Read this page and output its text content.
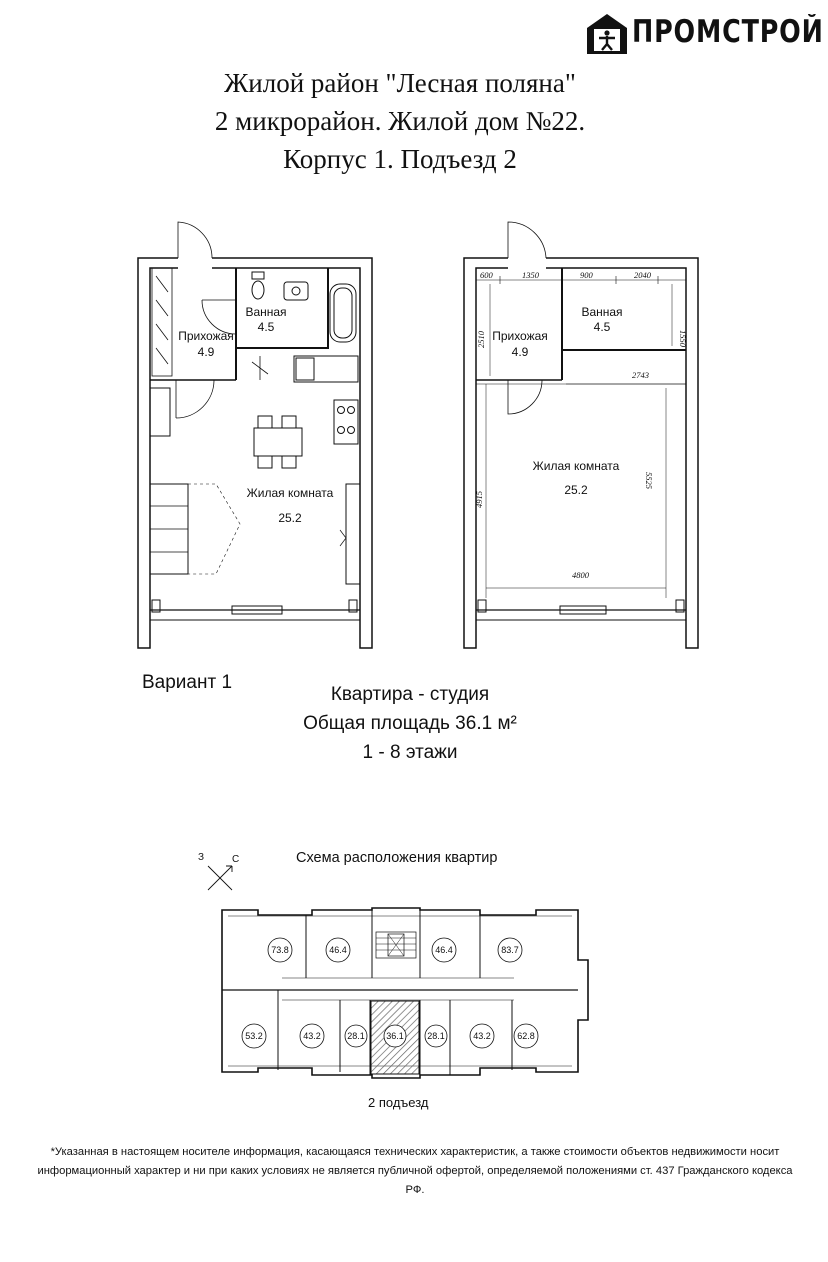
ПРОМСТРОЙ
Жилой район "Лесная поляна"
2 микрорайон. Жилой дом №22.
Корпус 1. Подъезд 2
Прихожая
4.9
Ванная
4.5
Жилая комната
25.2
Прихожая
4.9
Ванная
4.5
Жилая комната
25.2
600	1350	900	2040
2743
4800
2510	1550
4915
5525
Вариант 1
Квартира - студия
Общая площадь 36.1 м²
1 - 8 этажи
Схема расположения квартир
З	С
73.8	46.4	46.4	83.7
53.2	43.2	28.1 36.1	28.1	43.2	62.8
2 подъезд
*Указанная в настоящем носителе информация, касающаяся технических характеристик, а также стоимости объектов недвижимости носит
информационный характер и ни при каких условиях не является публичной офертой, определяемой положениями ст. 437 Гражданского кодекса РФ.
